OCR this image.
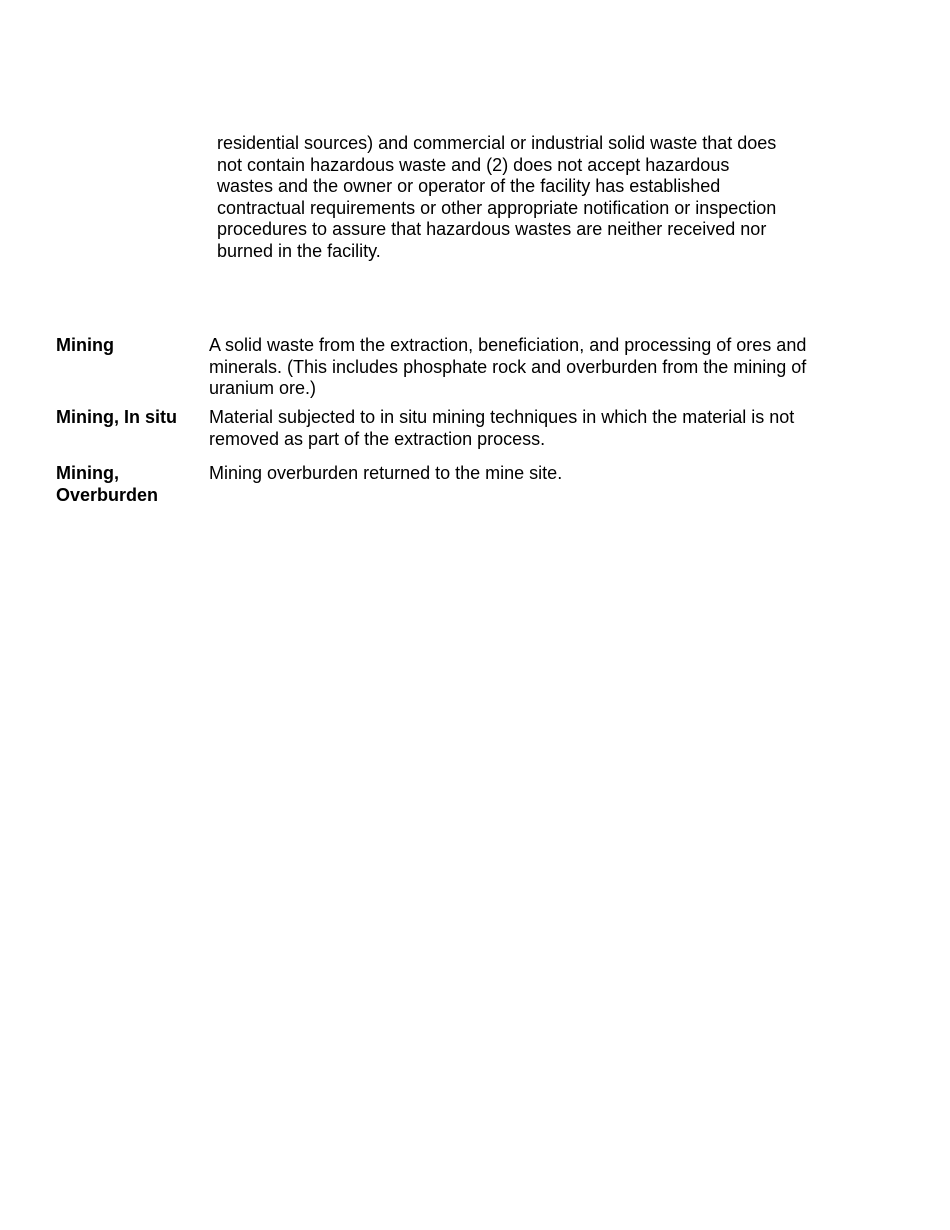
residential sources) and commercial or industrial solid waste that does not contain hazardous waste and (2) does not accept hazardous wastes and the owner or operator of the facility has established contractual requirements or other appropriate notification or inspection procedures to assure that hazardous wastes are neither received nor burned in the facility.

Mining	A solid waste from the extraction, beneficiation, and processing of ores and minerals. (This includes phosphate rock and overburden from the mining of uranium ore.)
Mining, In situ	Material subjected to in situ mining techniques in which the material is not removed as part of the extraction process.
Mining, Overburden
Mining overburden returned to the mine site.
